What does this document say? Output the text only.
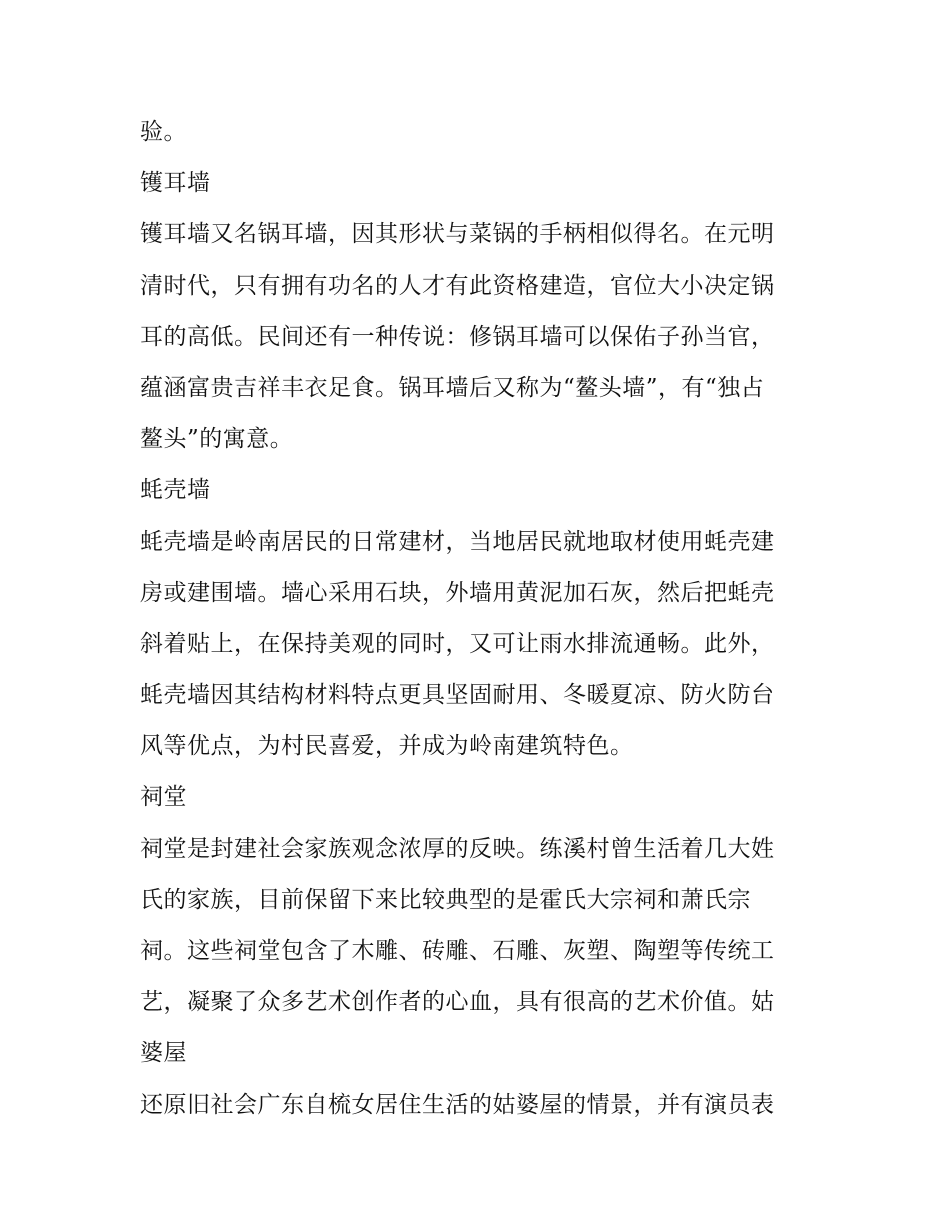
验。
镬耳墙
镬耳墙又名锅耳墙，因其形状与菜锅的手柄相似得名。在元明
清时代，只有拥有功名的人才有此资格建造，官位大小决定锅
耳的高低。民间还有一种传说：修锅耳墙可以保佑子孙当官，
蕴涵富贵吉祥丰衣足食。锅耳墙后又称为“鳌头墙”，有“独占
鳌头”的寓意。
蚝壳墙
蚝壳墙是岭南居民的日常建材，当地居民就地取材使用蚝壳建
房或建围墙。墙心采用石块，外墙用黄泥加石灰，然后把蚝壳
斜着贴上，在保持美观的同时，又可让雨水排流通畅。此外，
蚝壳墙因其结构材料特点更具坚固耐用、冬暖夏凉、防火防台
风等优点，为村民喜爱，并成为岭南建筑特色。
祠堂
祠堂是封建社会家族观念浓厚的反映。练溪村曾生活着几大姓
氏的家族，目前保留下来比较典型的是霍氏大宗祠和萧氏宗
祠。这些祠堂包含了木雕、砖雕、石雕、灰塑、陶塑等传统工
艺，凝聚了众多艺术创作者的心血，具有很高的艺术价值。姑
婆屋
还原旧社会广东自梳女居住生活的姑婆屋的情景，并有演员表
